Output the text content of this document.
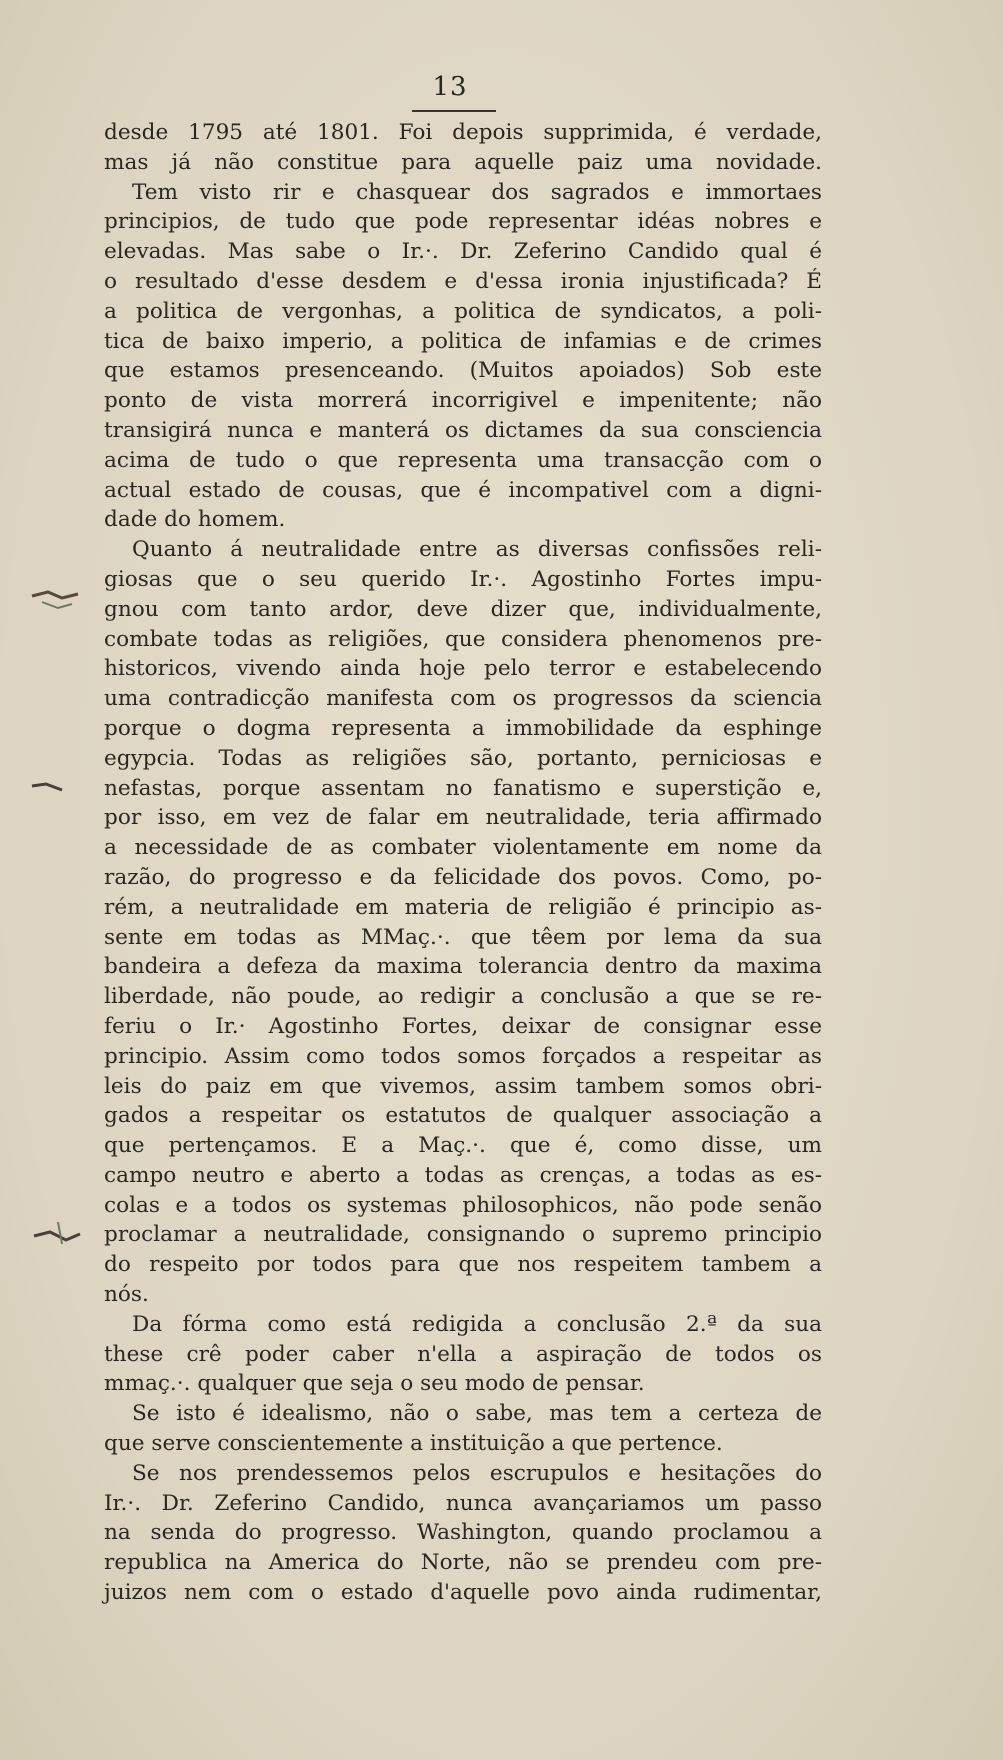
13
desde 1795 até 1801. Foi depois supprimida, é verdade,
mas já não constitue para aquelle paiz uma novidade.
Tem visto rir e chasquear dos sagrados e immortaes
principios, de tudo que pode representar idéas nobres e
elevadas. Mas sabe o Ir.·. Dr. Zeferino Candido qual é
o resultado d'esse desdem e d'essa ironia injustificada? É
a politica de vergonhas, a politica de syndicatos, a poli-
tica de baixo imperio, a politica de infamias e de crimes
que estamos presenceando. (Muitos apoiados) Sob este
ponto de vista morrerá incorrigivel e impenitente; não
transigirá nunca e manterá os dictames da sua consciencia
acima de tudo o que representa uma transacção com o
actual estado de cousas, que é incompativel com a digni-
dade do homem.
Quanto á neutralidade entre as diversas confissões reli-
giosas que o seu querido Ir.·. Agostinho Fortes impu-
gnou com tanto ardor, deve dizer que, individualmente,
combate todas as religiões, que considera phenomenos pre-
historicos, vivendo ainda hoje pelo terror e estabelecendo
uma contradicção manifesta com os progressos da sciencia
porque o dogma representa a immobilidade da esphinge
egypcia. Todas as religiões são, portanto, perniciosas e
nefastas, porque assentam no fanatismo e superstição e,
por isso, em vez de falar em neutralidade, teria affirmado
a necessidade de as combater violentamente em nome da
razão, do progresso e da felicidade dos povos. Como, po-
rém, a neutralidade em materia de religião é principio as-
sente em todas as MMaç.·. que têem por lema da sua
bandeira a defeza da maxima tolerancia dentro da maxima
liberdade, não poude, ao redigir a conclusão a que se re-
feriu o Ir.· Agostinho Fortes, deixar de consignar esse
principio. Assim como todos somos forçados a respeitar as
leis do paiz em que vivemos, assim tambem somos obri-
gados a respeitar os estatutos de qualquer associação a
que pertençamos. E a Maç.·. que é, como disse, um
campo neutro e aberto a todas as crenças, a todas as es-
colas e a todos os systemas philosophicos, não pode senão
proclamar a neutralidade, consignando o supremo principio
do respeito por todos para que nos respeitem tambem a
nós.
Da fórma como está redigida a conclusão 2.ª da sua
these crê poder caber n'ella a aspiração de todos os
mmaç.·. qualquer que seja o seu modo de pensar.
Se isto é idealismo, não o sabe, mas tem a certeza de
que serve conscientemente a instituição a que pertence.
Se nos prendessemos pelos escrupulos e hesitações do
Ir.·. Dr. Zeferino Candido, nunca avançariamos um passo
na senda do progresso. Washington, quando proclamou a
republica na America do Norte, não se prendeu com pre-
juizos nem com o estado d'aquelle povo ainda rudimentar,
